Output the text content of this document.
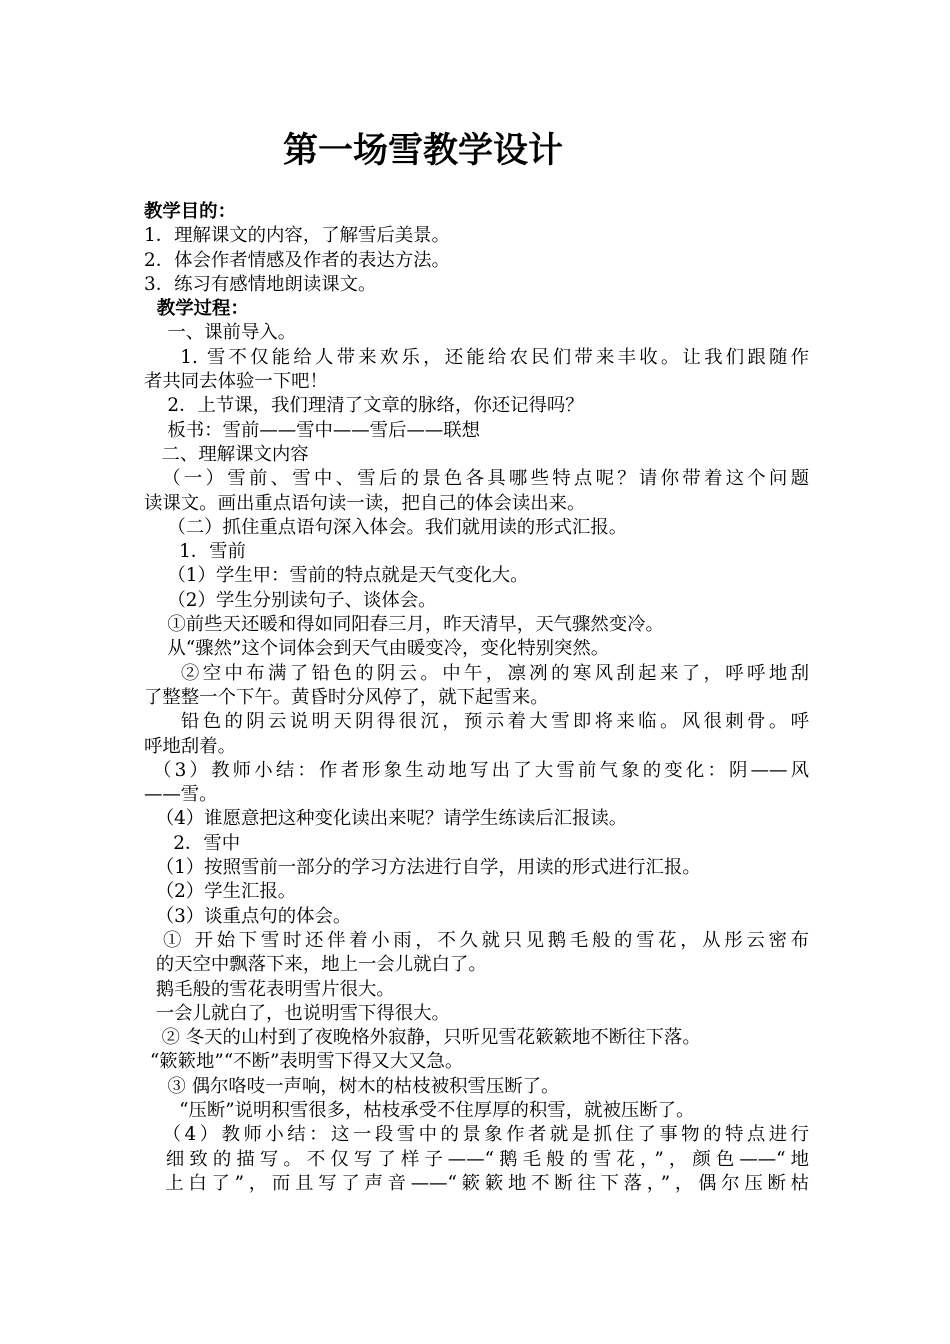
第一场雪教学设计
教学目的：
1．理解课文的内容，了解雪后美景。
2．体会作者情感及作者的表达方法。
3．练习有感情地朗读课文。
教学过程：
一、课前导入。
1. 雪不仅能给人带来欢乐，还能给农民们带来丰收。让我们跟随作
者共同去体验一下吧！
2．上节课，我们理清了文章的脉络，你还记得吗？
板书：雪前——雪中——雪后——联想
二、理解课文内容
（一）雪前、雪中、雪后的景色各具哪些特点呢？请你带着这个问题
读课文。画出重点语句读一读，把自己的体会读出来。
（二）抓住重点语句深入体会。我们就用读的形式汇报。
1．雪前
（1）学生甲：雪前的特点就是天气变化大。
（2）学生分别读句子、谈体会。
①前些天还暖和得如同阳春三月，昨天清早，天气骤然变冷。
从“骤然”这个词体会到天气由暖变冷，变化特别突然。
②空中布满了铅色的阴云。中午，凛冽的寒风刮起来了，呼呼地刮
了整整一个下午。黄昏时分风停了，就下起雪来。
铅色的阴云说明天阴得很沉，预示着大雪即将来临。风很刺骨。呼
呼地刮着。
（3）教师小结：作者形象生动地写出了大雪前气象的变化：阴——风
——雪。
（4）谁愿意把这种变化读出来呢？请学生练读后汇报读。
2．雪中
（1）按照雪前一部分的学习方法进行自学，用读的形式进行汇报。
（2）学生汇报。
（3）谈重点句的体会。
① 开始下雪时还伴着小雨，不久就只见鹅毛般的雪花，从彤云密布
的天空中飘落下来，地上一会儿就白了。
鹅毛般的雪花表明雪片很大。
一会儿就白了，也说明雪下得很大。
② 冬天的山村到了夜晚格外寂静，只听见雪花簌簌地不断往下落。
“簌簌地”“不断”表明雪下得又大又急。
③ 偶尔咯吱一声响，树木的枯枝被积雪压断了。
“压断”说明积雪很多，枯枝承受不住厚厚的积雪，就被压断了。
（4）教师小结：这一段雪中的景象作者就是抓住了事物的特点进行
细致的描写。不仅写了样子——“鹅毛般的雪花，”，颜色——“地
上白了”，而且写了声音——“簌簌地不断往下落，”，偶尔压断枯
